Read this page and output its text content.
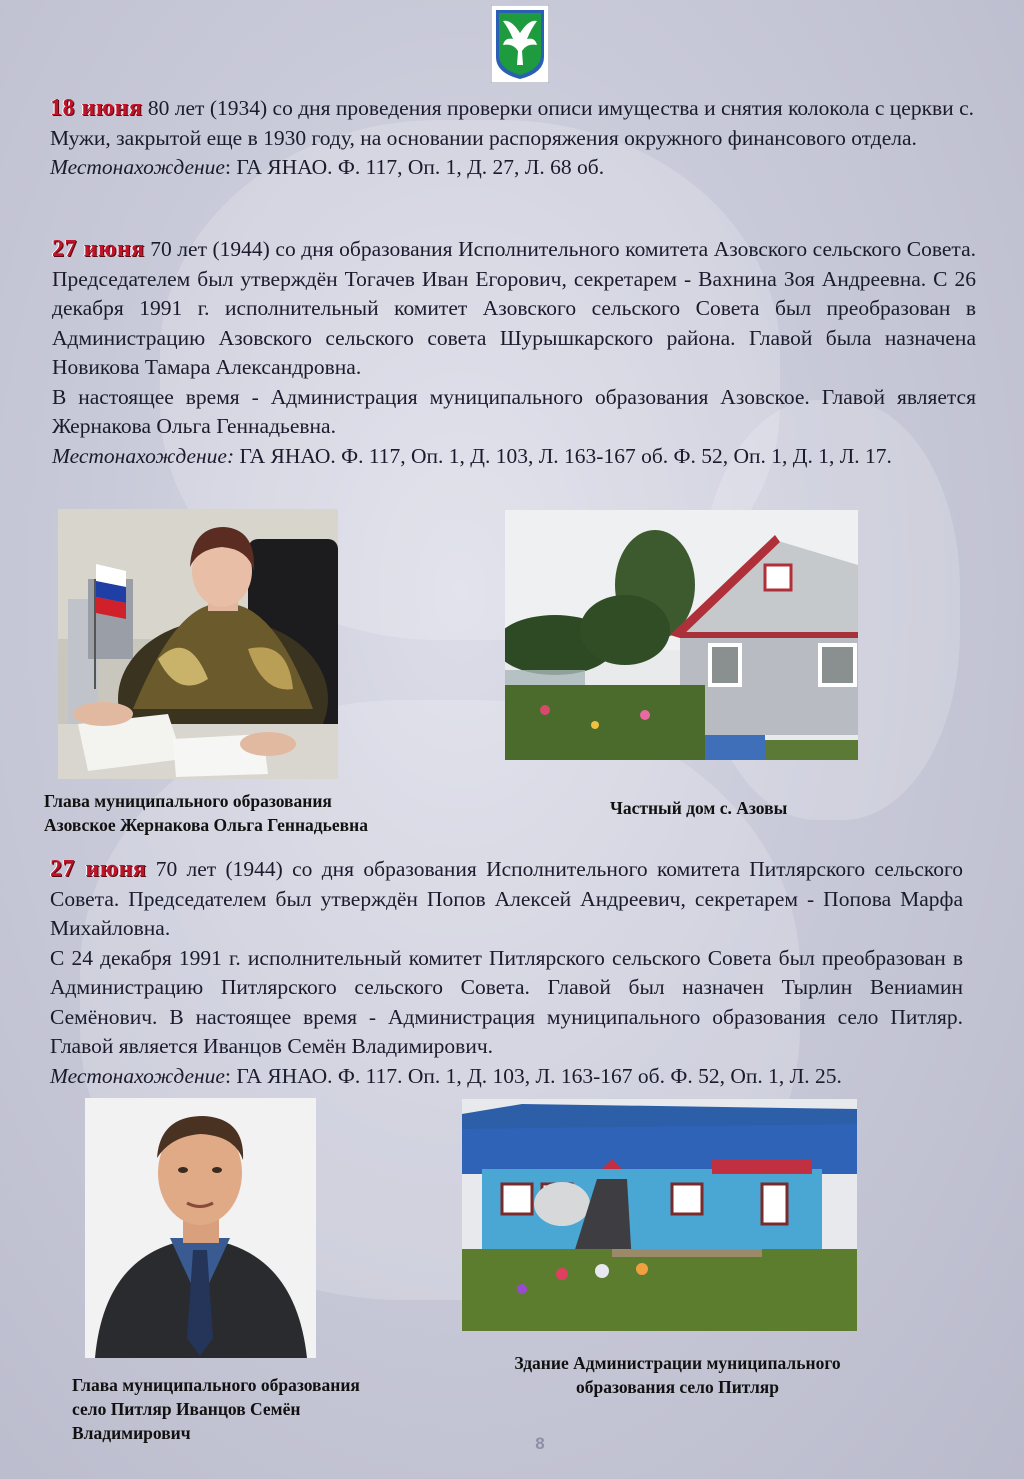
18 июня 80 лет (1934) со дня проведения проверки описи имущества и снятия колокола с церкви с. Мужи, закрытой еще в 1930 году, на основании распоряжения окружного финансового отдела.
Местонахождение: ГА ЯНАО. Ф. 117, Оп. 1, Д. 27, Л. 68 об.
27 июня 70 лет (1944) со дня образования Исполнительного комитета Азовского сельского Совета. Председателем был утверждён Тогачев Иван Егорович, секретарем - Вахнина Зоя Андреевна. С 26 декабря 1991 г. исполнительный комитет Азовского сельского Совета был преобразован в Администрацию Азовского сельского совета Шурышкарского района. Главой была назначена Новикова Тамара Александровна.
В настоящее время - Администрация муниципального образования Азовское. Главой является Жернакова Ольга Геннадьевна.
Местонахождение: ГА ЯНАО. Ф. 117, Оп. 1, Д. 103, Л. 163-167 об. Ф. 52, Оп. 1, Д. 1, Л. 17.
Глава муниципального образования
Азовское Жернакова Ольга Геннадьевна
Частный дом с. Азовы
27 июня 70 лет (1944) со дня образования Исполнительного комитета Питлярского сельского Совета. Председателем был утверждён Попов Алексей Андреевич, секретарем - Попова Марфа Михайловна.
С 24 декабря 1991 г. исполнительный комитет Питлярского сельского Совета был преобразован в Администрацию Питлярского сельского Совета. Главой был назначен Тырлин Вениамин Семёнович. В настоящее время - Администрация муниципального образования село Питляр. Главой является Иванцов Семён Владимирович.
Местонахождение: ГА ЯНАО. Ф. 117. Оп. 1, Д. 103, Л. 163-167 об. Ф. 52, Оп. 1, Л. 25.
Глава муниципального образования
село Питляр Иванцов Семён
Владимирович
Здание Администрации муниципального
образования село Питляр
8
